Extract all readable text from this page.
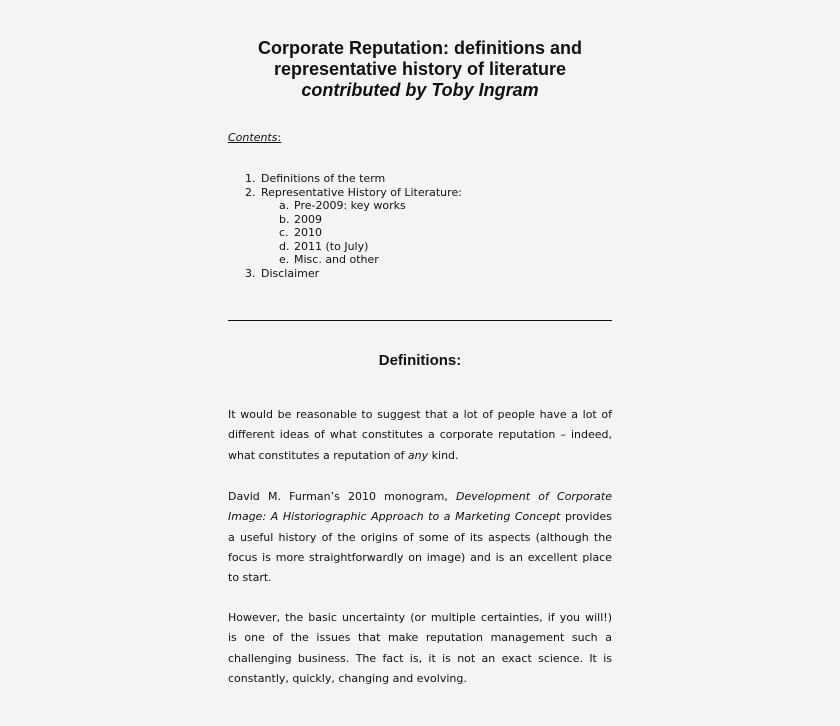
Corporate Reputation: definitions and
representative history of literature
contributed by Toby Ingram
Contents:
1. Definitions of the term
2. Representative History of Literature:
a. Pre-2009: key works
b. 2009
c. 2010
d. 2011 (to July)
e. Misc. and other
3. Disclaimer
Definitions:
It would be reasonable to suggest that a lot of people have a lot of
different ideas of what constitutes a corporate reputation – indeed,
what constitutes a reputation of any kind.
David M. Furman’s 2010 monogram, Development of Corporate
Image: A Historiographic Approach to a Marketing Concept provides
a useful history of the origins of some of its aspects (although the
focus is more straightforwardly on image) and is an excellent place
to start.
However, the basic uncertainty (or multiple certainties, if you will!)
is one of the issues that make reputation management such a
challenging business. The fact is, it is not an exact science. It is
constantly, quickly, changing and evolving.
